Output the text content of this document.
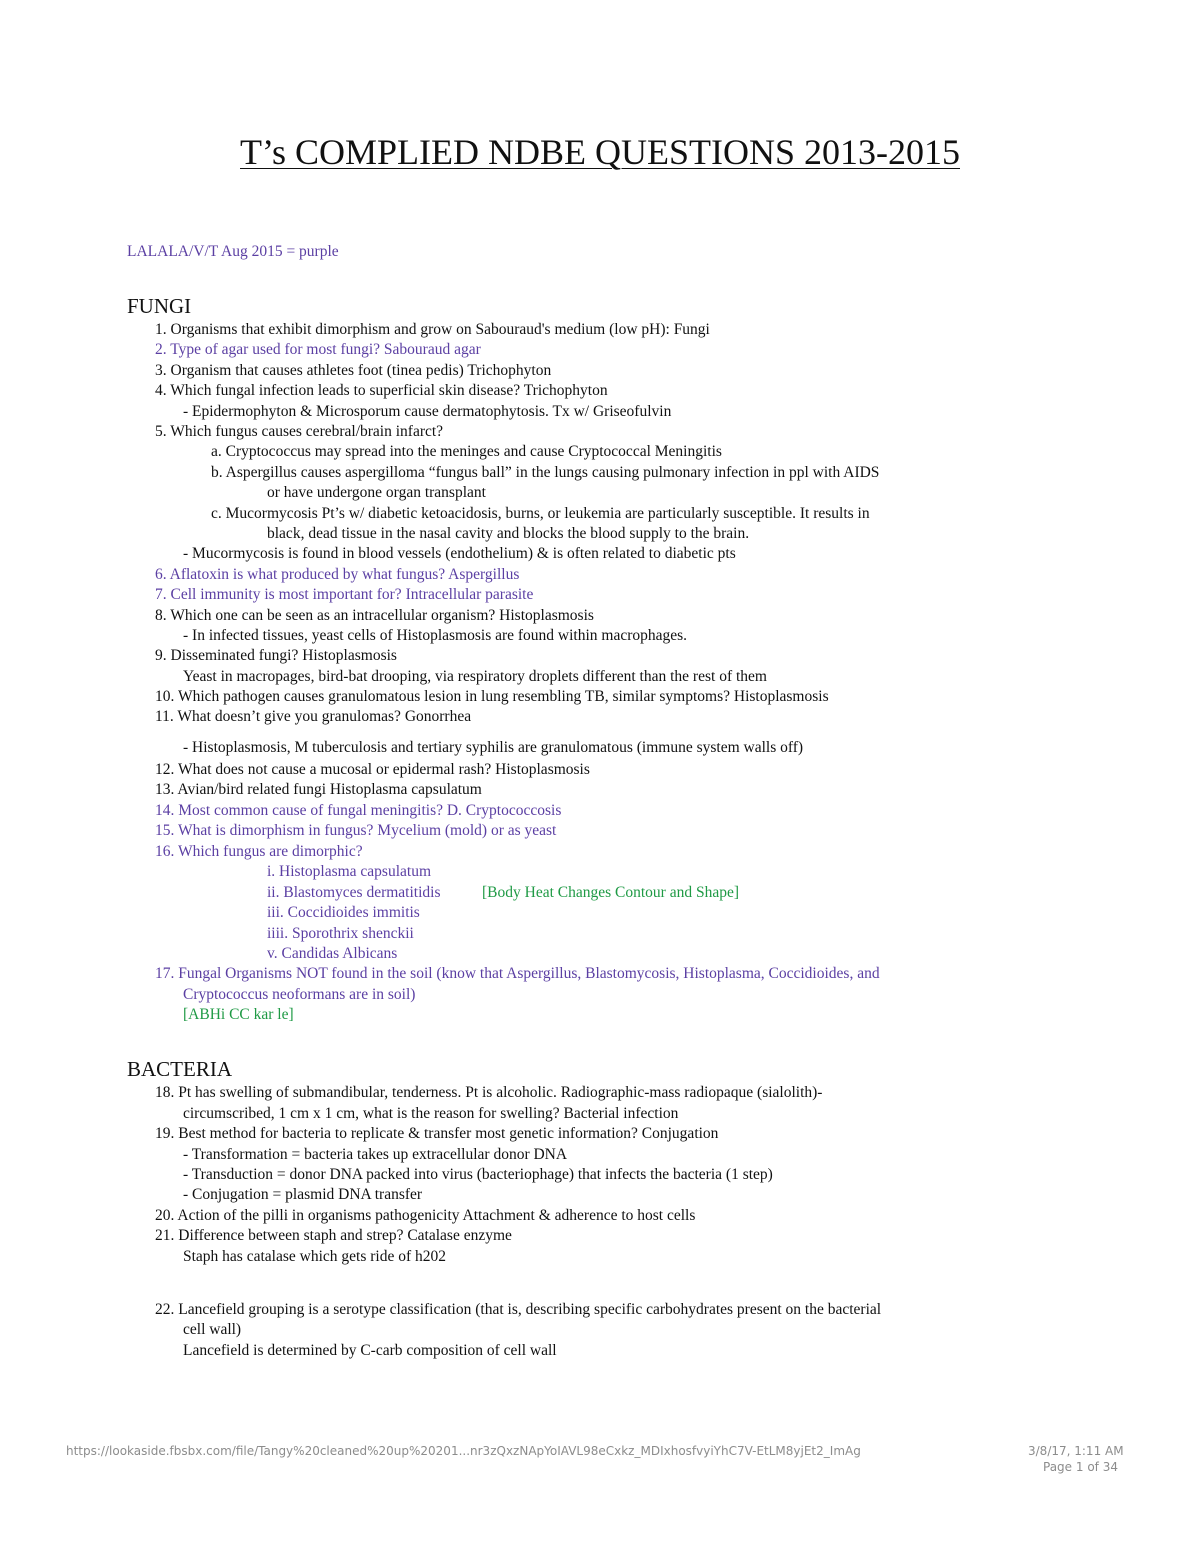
T’s COMPLIED NDBE QUESTIONS 2013-2015
LALALA/V/T Aug 2015 = purple
FUNGI
1. Organisms that exhibit dimorphism and grow on Sabouraud's medium (low pH): Fungi
2. Type of agar used for most fungi? Sabouraud agar
3. Organism that causes athletes foot (tinea pedis) Trichophyton
4. Which fungal infection leads to superficial skin disease? Trichophyton
- Epidermophyton & Microsporum cause dermatophytosis. Tx w/ Griseofulvin
5. Which fungus causes cerebral/brain infarct?
a. Cryptococcus may spread into the meninges and cause Cryptococcal Meningitis
b. Aspergillus causes aspergilloma “fungus ball” in the lungs causing pulmonary infection in ppl with AIDS
or have undergone organ transplant
c. Mucormycosis Pt’s w/ diabetic ketoacidosis, burns, or leukemia are particularly susceptible. It results in
black, dead tissue in the nasal cavity and blocks the blood supply to the brain.
- Mucormycosis is found in blood vessels (endothelium) & is often related to diabetic pts
6. Aflatoxin is what produced by what fungus? Aspergillus
7. Cell immunity is most important for? Intracellular parasite
8. Which one can be seen as an intracellular organism? Histoplasmosis
- In infected tissues, yeast cells of Histoplasmosis are found within macrophages.
9. Disseminated fungi? Histoplasmosis
Yeast in macropages, bird-bat drooping, via respiratory droplets different than the rest of them
10. Which pathogen causes granulomatous lesion in lung resembling TB, similar symptoms? Histoplasmosis
11. What doesn’t give you granulomas? Gonorrhea
- Histoplasmosis, M tuberculosis and tertiary syphilis are granulomatous (immune system walls off)
12. What does not cause a mucosal or epidermal rash? Histoplasmosis
13. Avian/bird related fungi Histoplasma capsulatum
14. Most common cause of fungal meningitis? D. Cryptococcosis
15. What is dimorphism in fungus? Mycelium (mold) or as yeast
16. Which fungus are dimorphic?
i. Histoplasma capsulatum
ii. Blastomyces dermatitidis	[Body Heat Changes Contour and Shape]
iii. Coccidioides immitis
iiii. Sporothrix shenckii
v. Candidas Albicans
17. Fungal Organisms NOT found in the soil (know that Aspergillus, Blastomycosis, Histoplasma, Coccidioides, and
Cryptococcus neoformans are in soil)
[ABHi CC kar le]
BACTERIA
18. Pt has swelling of submandibular, tenderness. Pt is alcoholic. Radiographic-mass radiopaque (sialolith)-
circumscribed, 1 cm x 1 cm, what is the reason for swelling? Bacterial infection
19. Best method for bacteria to replicate & transfer most genetic information? Conjugation
- Transformation = bacteria takes up extracellular donor DNA
- Transduction = donor DNA packed into virus (bacteriophage) that infects the bacteria (1 step)
- Conjugation = plasmid DNA transfer
20. Action of the pilli in organisms pathogenicity Attachment & adherence to host cells
21. Difference between staph and strep? Catalase enzyme
Staph has catalase which gets ride of h202
22. Lancefield grouping is a serotype classification (that is, describing specific carbohydrates present on the bacterial
cell wall)
Lancefield is determined by C-carb composition of cell wall
https://lookaside.fbsbx.com/file/Tangy%20cleaned%20up%20201...nr3zQxzNApYoIAVL98eCxkz_MDIxhosfvyiYhC7V-EtLM8yjEt2_ImAg	3/8/17, 1:11 AM
Page 1 of 34
